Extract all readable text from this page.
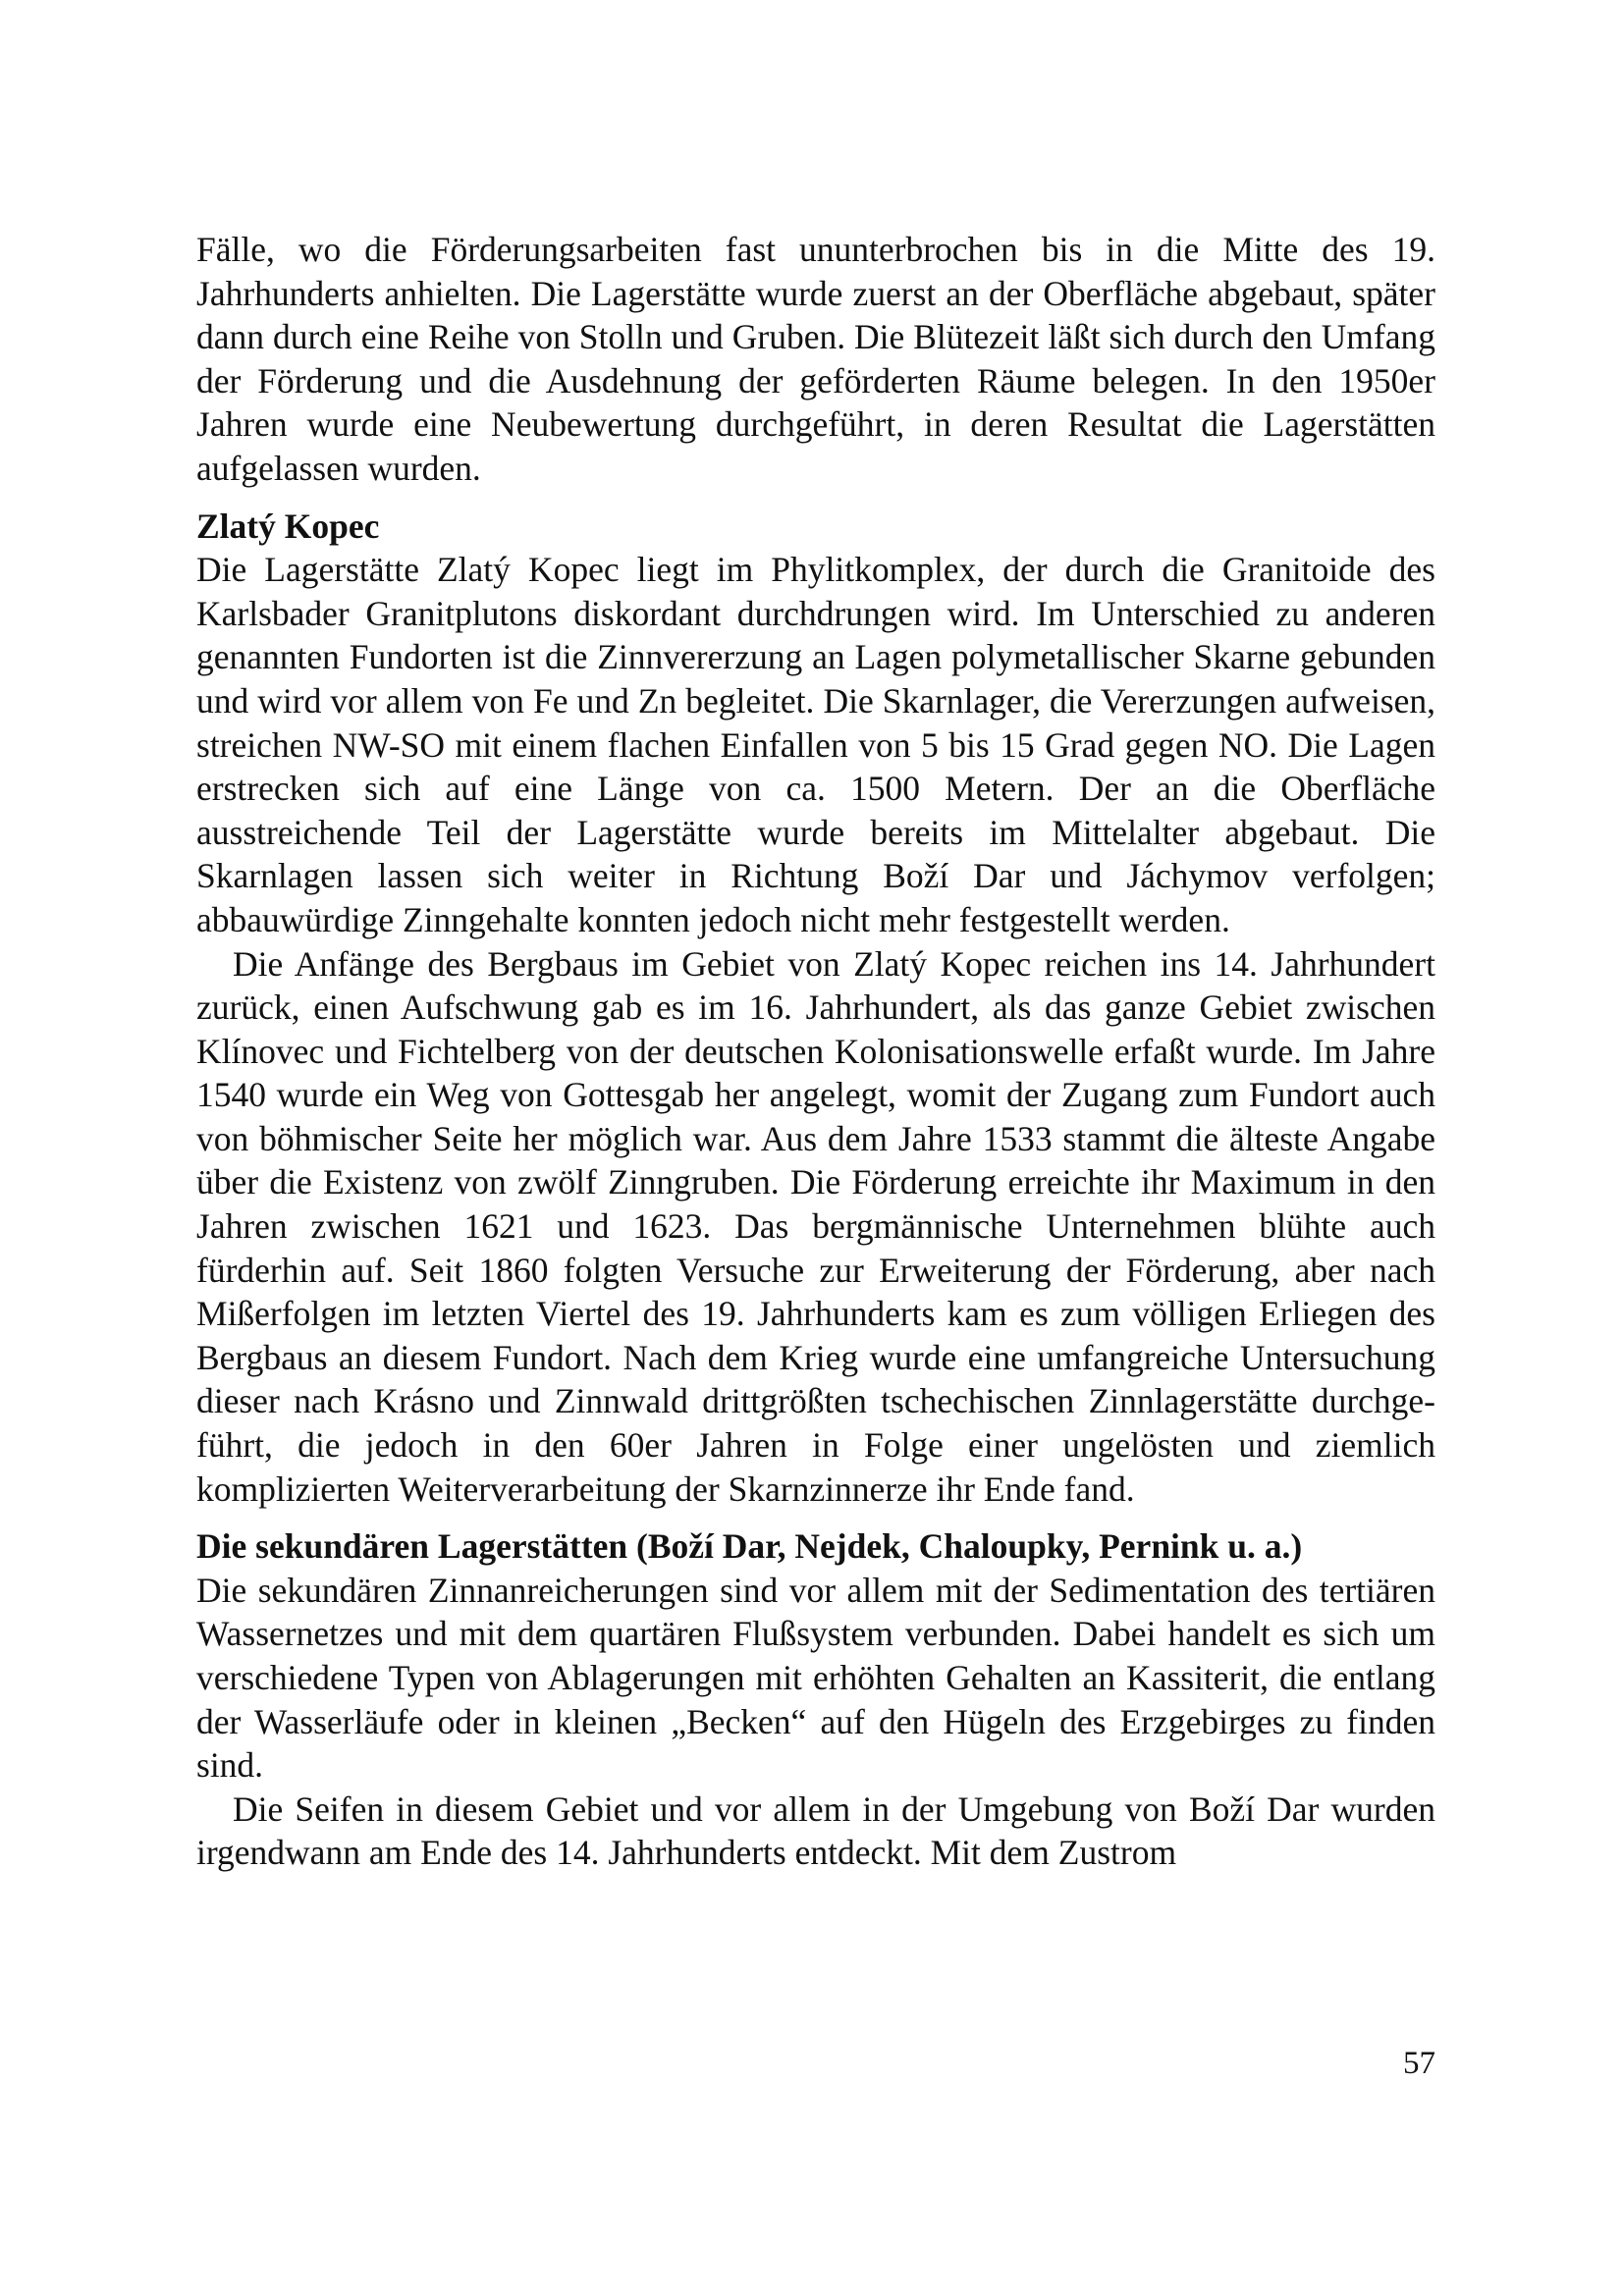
Fälle, wo die Förderungsarbeiten fast ununterbrochen bis in die Mitte des 19. Jahrhunderts anhielten. Die Lagerstätte wurde zuerst an der Oberfläche abgebaut, später dann durch eine Reihe von Stolln und Gruben. Die Blütezeit läßt sich durch den Umfang der Förderung und die Ausdehnung der geförderten Räume belegen. In den 1950er Jahren wurde eine Neubewertung durchgeführt, in deren Resultat die Lagerstätten aufgelassen wurden.

Zlatý Kopec

Die Lagerstätte Zlatý Kopec liegt im Phylitkomplex, der durch die Granitoide des Karlsbader Granitplutons diskordant durchdrungen wird. Im Unterschied zu anderen genannten Fundorten ist die Zinnvererzung an Lagen polymetallischer Skarne gebunden und wird vor allem von Fe und Zn begleitet. Die Skarnlager, die Vererzungen aufweisen, streichen NW-SO mit einem flachen Einfallen von 5 bis 15 Grad gegen NO. Die Lagen erstrecken sich auf eine Länge von ca. 1500 Metern. Der an die Oberfläche ausstreichende Teil der Lagerstätte wurde bereits im Mittelalter abgebaut. Die Skarnlagen lassen sich weiter in Richtung Boží Dar und Jáchymov verfolgen; abbauwürdige Zinngehalte konnten jedoch nicht mehr festgestellt werden.

Die Anfänge des Bergbaus im Gebiet von Zlatý Kopec reichen ins 14. Jahrhundert zurück, einen Aufschwung gab es im 16. Jahrhundert, als das ganze Gebiet zwischen Klínovec und Fichtelberg von der deutschen Kolonisationswelle erfaßt wurde. Im Jahre 1540 wurde ein Weg von Gottesgab her angelegt, womit der Zugang zum Fundort auch von böhmischer Seite her möglich war. Aus dem Jahre 1533 stammt die älteste Angabe über die Existenz von zwölf Zinngruben. Die Förderung erreichte ihr Maximum in den Jahren zwischen 1621 und 1623. Das bergmännische Unternehmen blühte auch fürderhin auf. Seit 1860 folgten Versuche zur Erweiterung der Förderung, aber nach Mißerfolgen im letzten Viertel des 19. Jahrhunderts kam es zum völligen Erliegen des Bergbaus an diesem Fundort. Nach dem Krieg wurde eine umfangreiche Untersuchung dieser nach Krásno und Zinnwald drittgrößten tschechischen Zinnlagerstätte durchgeführt, die jedoch in den 60er Jahren in Folge einer ungelösten und ziemlich komplizierten Weiterverarbeitung der Skarnzinnerze ihr Ende fand.

Die sekundären Lagerstätten (Boží Dar, Nejdek, Chaloupky, Pernink u. a.)

Die sekundären Zinnanreicherungen sind vor allem mit der Sedimentation des tertiären Wassernetzes und mit dem quartären Flußsystem verbunden. Dabei handelt es sich um verschiedene Typen von Ablagerungen mit erhöhten Gehalten an Kassiterit, die entlang der Wasserläufe oder in kleinen „Becken“ auf den Hügeln des Erzgebirges zu finden sind.

Die Seifen in diesem Gebiet und vor allem in der Umgebung von Boží Dar wurden irgendwann am Ende des 14. Jahrhunderts entdeckt. Mit dem Zustrom

57
